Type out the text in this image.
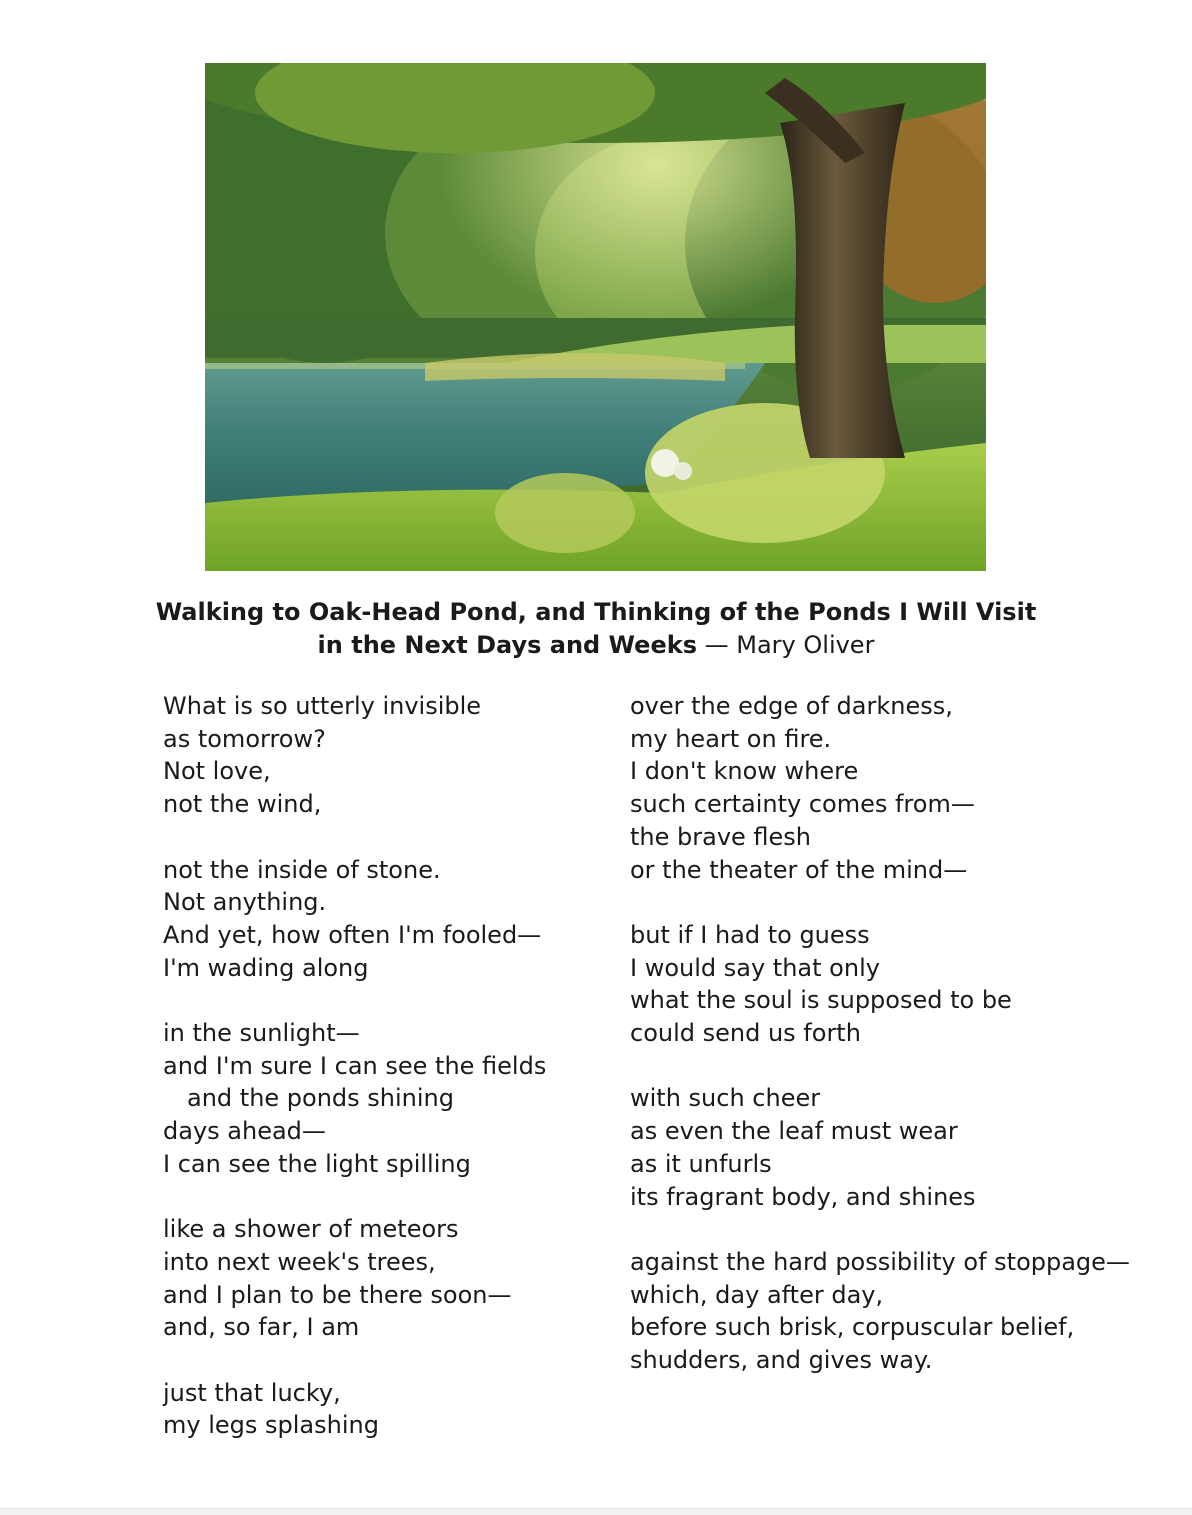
Walking to Oak-Head Pond, and Thinking of the Ponds I Will Visit
in the Next Days and Weeks — Mary Oliver
What is so utterly invisible
as tomorrow?
Not love,
not the wind,
not the inside of stone.
Not anything.
And yet, how often I'm fooled—
I'm wading along
in the sunlight—
and I'm sure I can see the fields
and the ponds shining
days ahead—
I can see the light spilling
like a shower of meteors
into next week's trees,
and I plan to be there soon—
and, so far, I am
just that lucky,
my legs splashing
over the edge of darkness,
my heart on fire.
I don't know where
such certainty comes from—
the brave flesh
or the theater of the mind—
but if I had to guess
I would say that only
what the soul is supposed to be
could send us forth
with such cheer
as even the leaf must wear
as it unfurls
its fragrant body, and shines
against the hard possibility of stoppage—
which, day after day,
before such brisk, corpuscular belief,
shudders, and gives way.
